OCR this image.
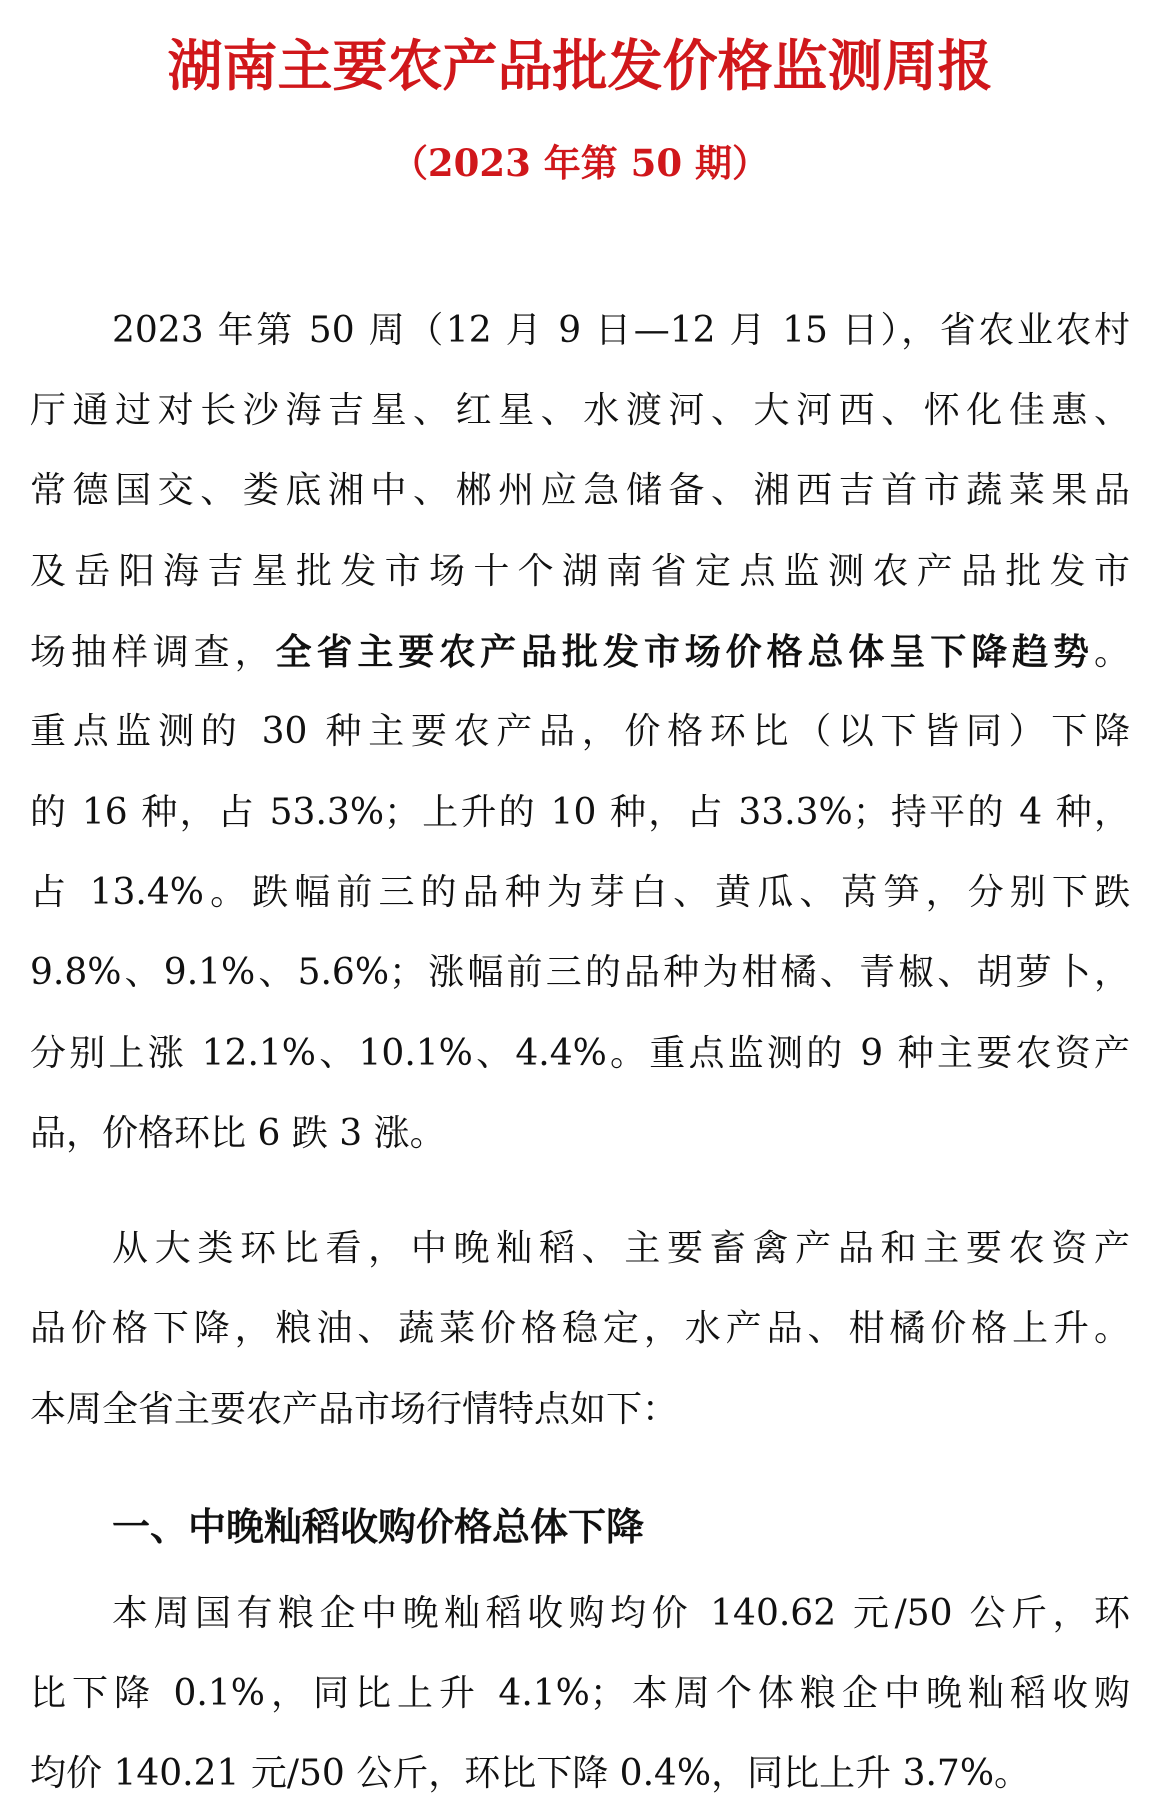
湖南主要农产品批发价格监测周报
（2023 年第 50 期）
2023 年第 50 周（12 月 9 日—12 月 15 日），省农业农村
厅通过对长沙海吉星、红星、水渡河、大河西、怀化佳惠、
常德国交、娄底湘中、郴州应急储备、湘西吉首市蔬菜果品
及岳阳海吉星批发市场十个湖南省定点监测农产品批发市
场抽样调查，全省主要农产品批发市场价格总体呈下降趋势。
重点监测的 30 种主要农产品，价格环比（以下皆同）下降
的 16 种，占 53.3%；上升的 10 种，占 33.3%；持平的 4 种，
占 13.4%。跌幅前三的品种为芽白、黄瓜、莴笋，分别下跌
9.8%、9.1%、5.6%；涨幅前三的品种为柑橘、青椒、胡萝卜，
分别上涨 12.1%、10.1%、4.4%。重点监测的 9 种主要农资产
品，价格环比 6 跌 3 涨。
从大类环比看，中晚籼稻、主要畜禽产品和主要农资产
品价格下降，粮油、蔬菜价格稳定，水产品、柑橘价格上升。
本周全省主要农产品市场行情特点如下：
一、中晚籼稻收购价格总体下降
本周国有粮企中晚籼稻收购均价 140.62 元/50 公斤，环
比下降 0.1%，同比上升 4.1%；本周个体粮企中晚籼稻收购
均价 140.21 元/50 公斤，环比下降 0.4%，同比上升 3.7%。
